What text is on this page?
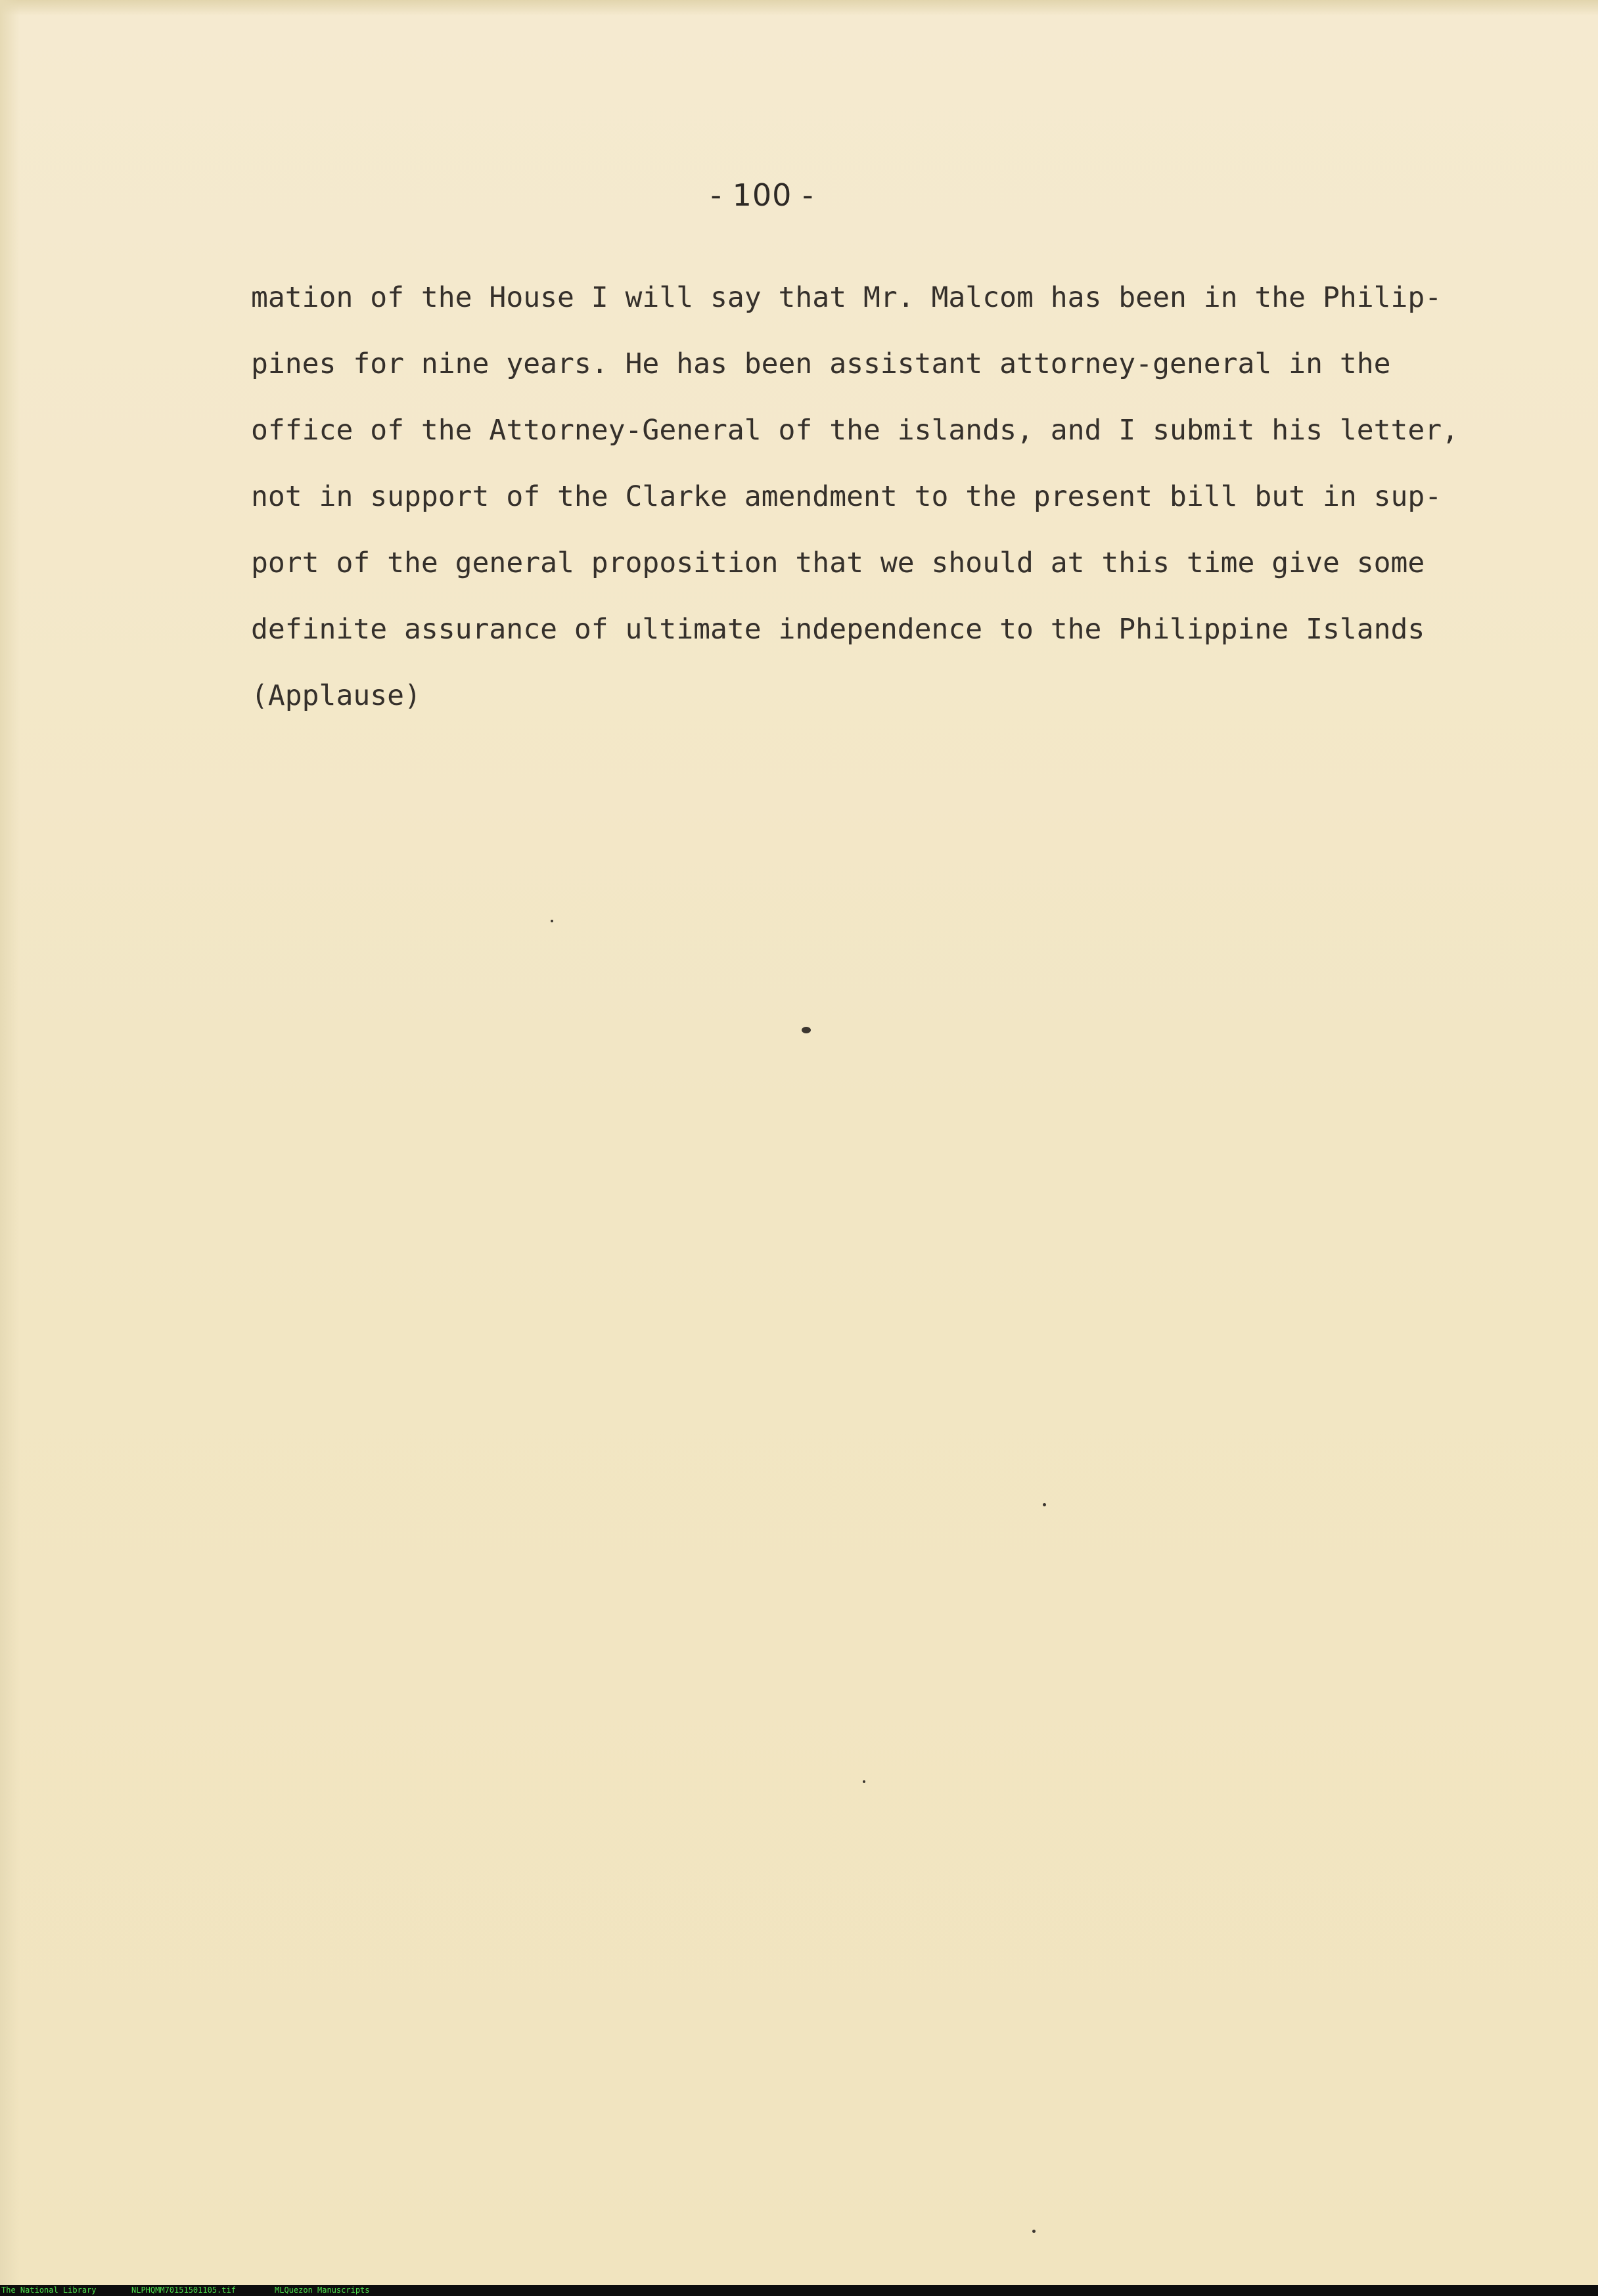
- 100 -
mation of the House I will say that Mr. Malcom has been in the Philip-
pines for nine years. He has been assistant attorney-general in the
office of the Attorney-General of the islands, and I submit his letter,
not in support of the Clarke amendment to the present bill but in sup-
port of the general proposition that we should at this time give some
definite assurance of ultimate independence to the Philippine Islands
(Applause)
The National Library	NLPHQMM70151501105.tif	MLQuezon Manuscripts
